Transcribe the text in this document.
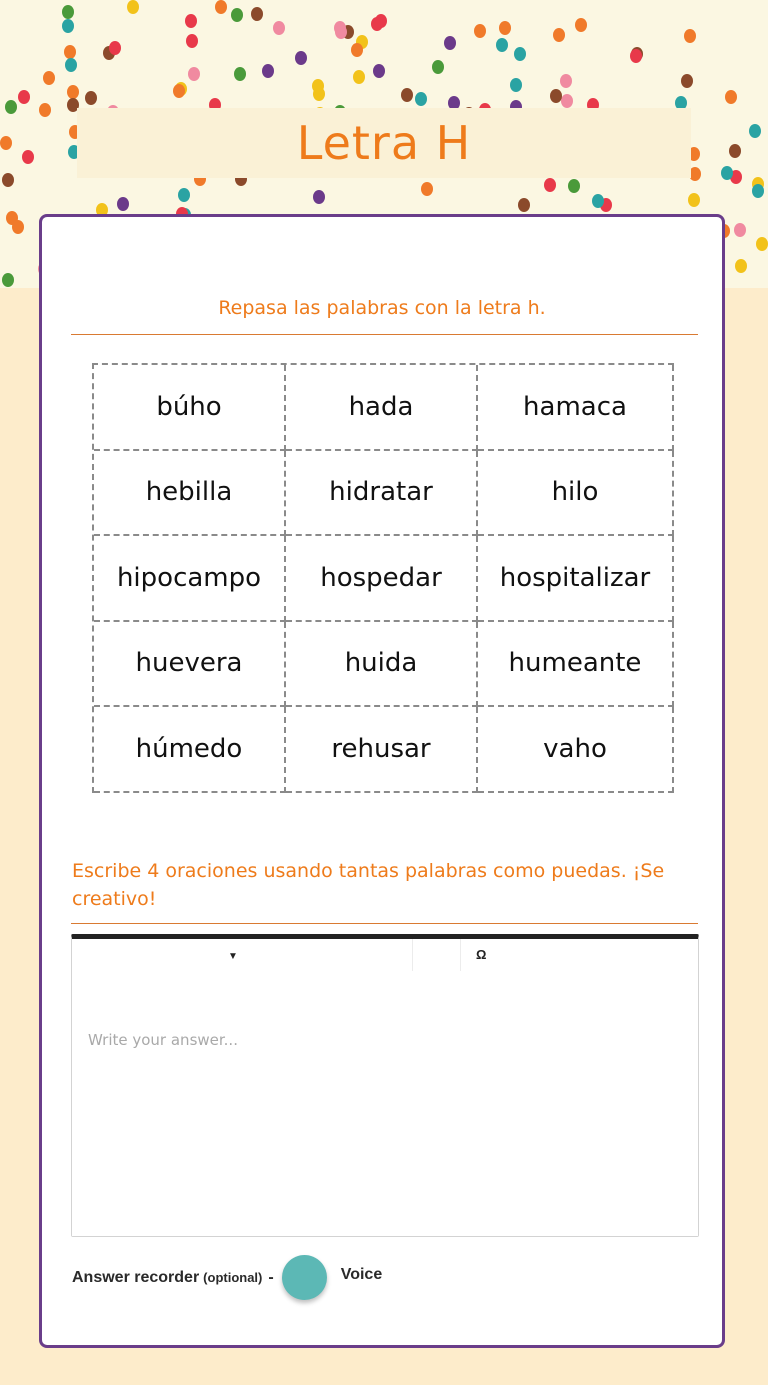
Letra H
Repasa las palabras con la letra h.
búho	hada	hamaca
hebilla	hidratar	hilo
hipocampo	hospedar	hospitalizar
huevera	huida	humeante
húmedo	rehusar	vaho
Escribe 4 oraciones usando tantas palabras como puedas. ¡Se creativo!
▼	Ω
Write your answer...
Answer recorder (optional) -	Voice
